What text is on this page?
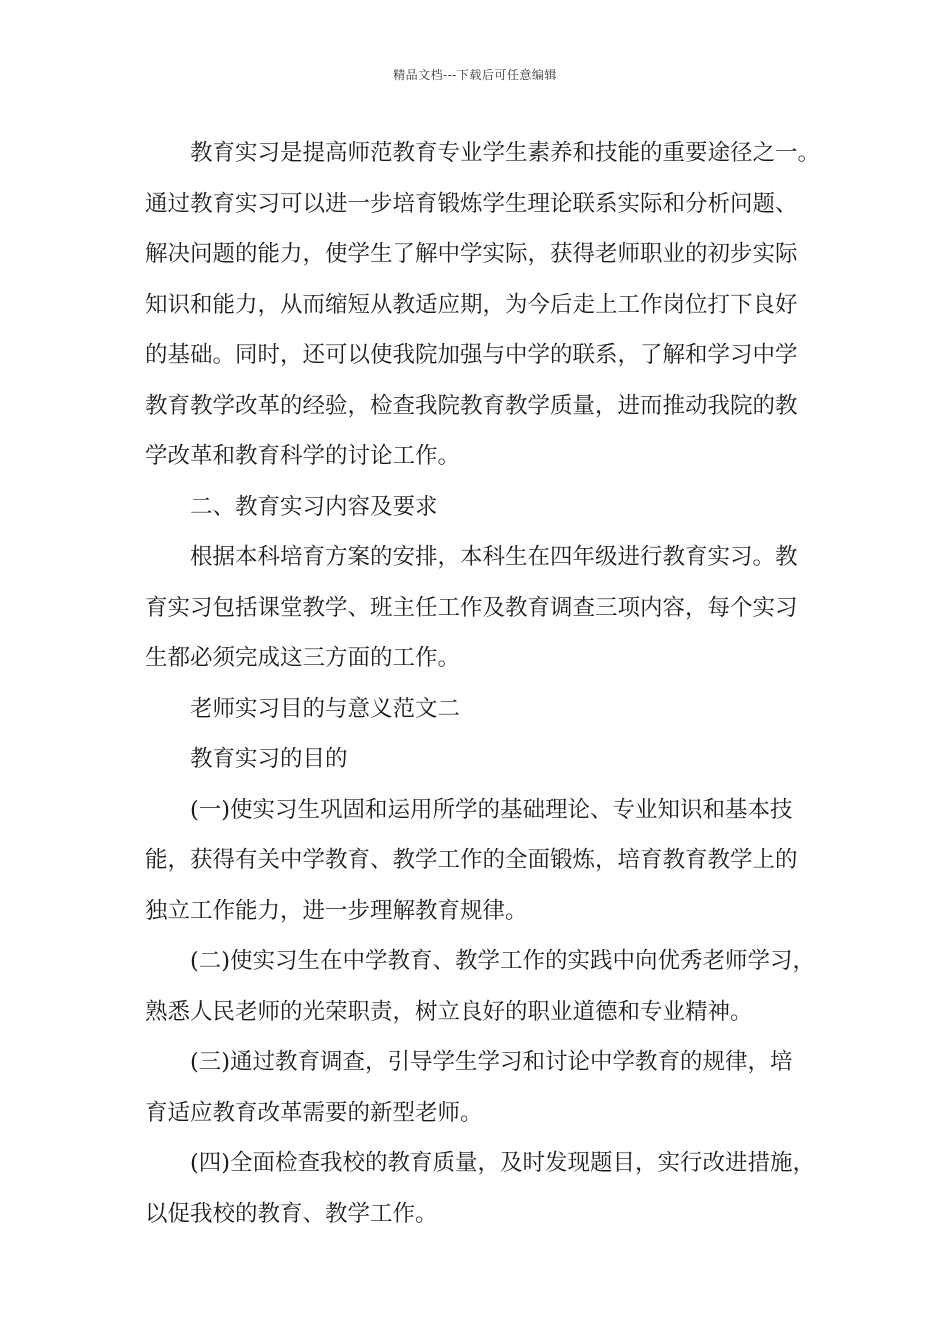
精品文档---下载后可任意编辑
教育实习是提高师范教育专业学生素养和技能的重要途径之一。
通过教育实习可以进一步培育锻炼学生理论联系实际和分析问题、
解决问题的能力，使学生了解中学实际，获得老师职业的初步实际
知识和能力，从而缩短从教适应期，为今后走上工作岗位打下良好
的基础。同时，还可以使我院加强与中学的联系，了解和学习中学
教育教学改革的经验，检查我院教育教学质量，进而推动我院的教
学改革和教育科学的讨论工作。
二、教育实习内容及要求
根据本科培育方案的安排，本科生在四年级进行教育实习。教
育实习包括课堂教学、班主任工作及教育调查三项内容，每个实习
生都必须完成这三方面的工作。
老师实习目的与意义范文二
教育实习的目的
(一)使实习生巩固和运用所学的基础理论、专业知识和基本技
能，获得有关中学教育、教学工作的全面锻炼，培育教育教学上的
独立工作能力，进一步理解教育规律。
(二)使实习生在中学教育、教学工作的实践中向优秀老师学习，
熟悉人民老师的光荣职责，树立良好的职业道德和专业精神。
(三)通过教育调查，引导学生学习和讨论中学教育的规律，培
育适应教育改革需要的新型老师。
(四)全面检查我校的教育质量，及时发现题目，实行改进措施，
以促我校的教育、教学工作。
